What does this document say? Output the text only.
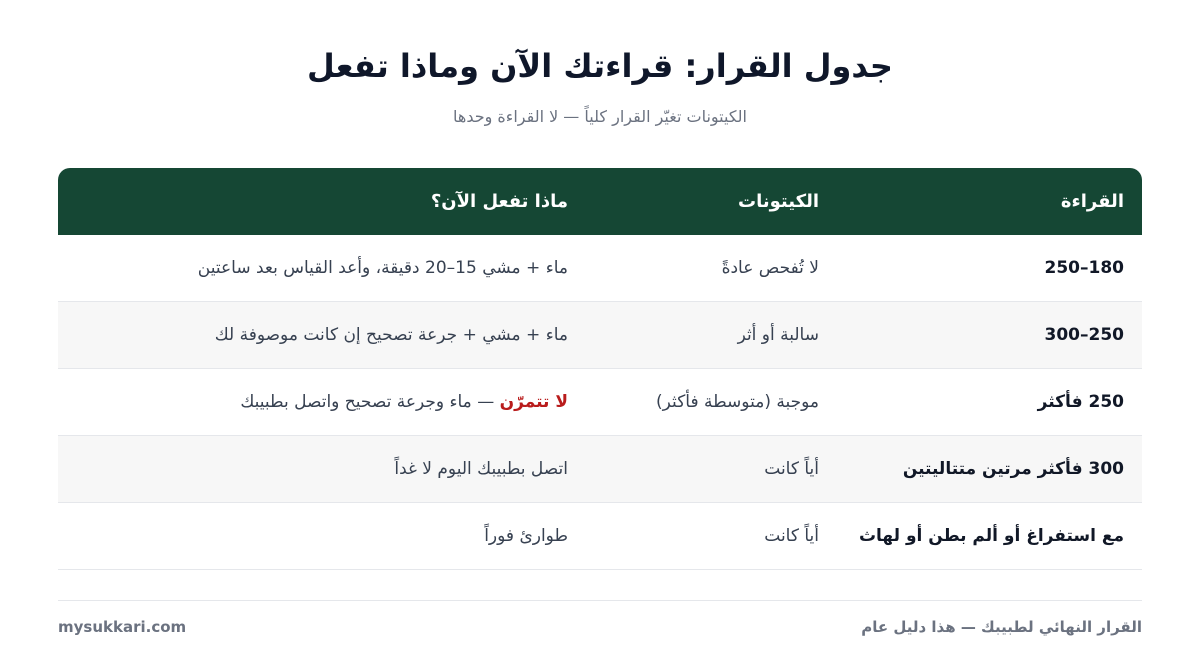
جدول القرار: قراءتك الآن وماذا تفعل

الكيتونات تغيّر القرار كلياً — لا القراءة وحدها

القراءة
الكيتونات
ماذا تفعل الآن؟
180–250
لا تُفحص عادةً
ماء + مشي 15–20 دقيقة، وأعد القياس بعد ساعتين
250–300
سالبة أو أثر
ماء + مشي + جرعة تصحيح إن كانت موصوفة لك
250 فأكثر
موجبة (متوسطة فأكثر)
لا تتمرّن — ماء وجرعة تصحيح واتصل بطبيبك
300 فأكثر مرتين متتاليتين
أياً كانت
اتصل بطبيبك اليوم لا غداً
مع استفراغ أو ألم بطن أو لهاث
أياً كانت
طوارئ فوراً
القرار النهائي لطبيبك — هذا دليل عام
mysukkari.com
